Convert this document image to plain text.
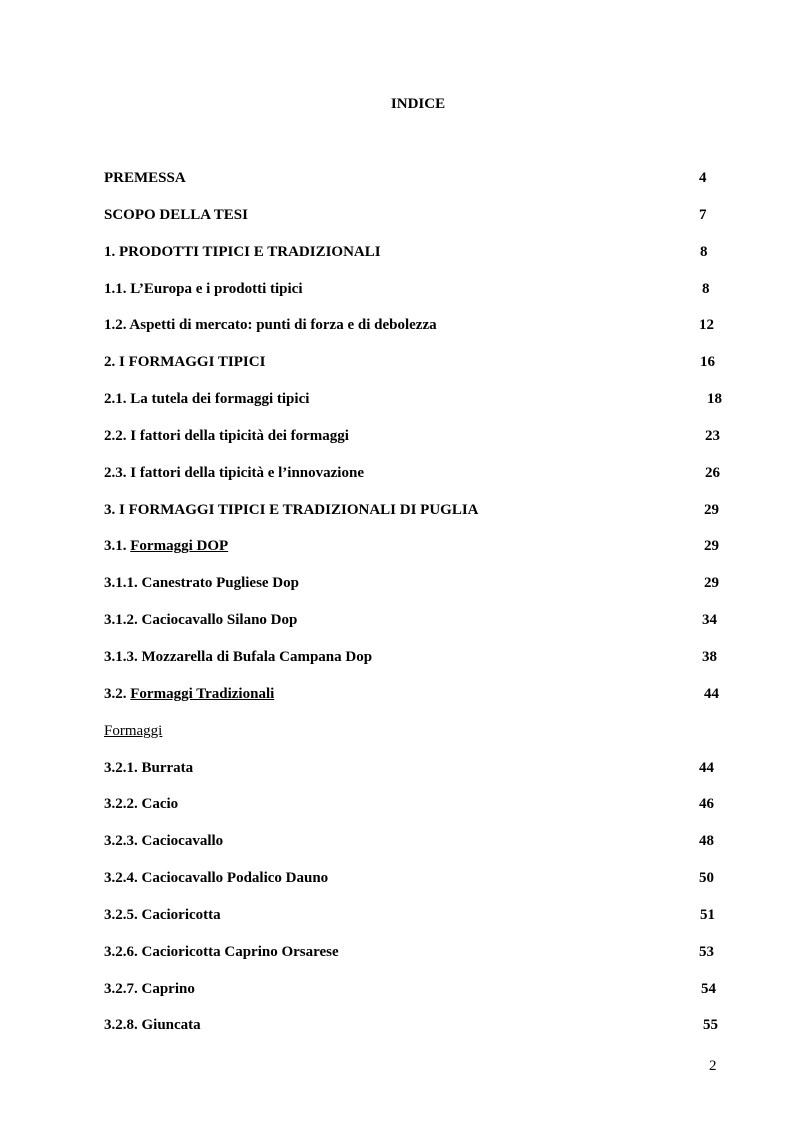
INDICE
PREMESSA	4
SCOPO DELLA TESI	7
1. PRODOTTI TIPICI E TRADIZIONALI	8
1.1. L’Europa e i prodotti tipici	8
1.2. Aspetti di mercato: punti di forza e di debolezza	12
2. I FORMAGGI TIPICI	16
2.1. La tutela dei formaggi tipici	18
2.2. I fattori della tipicità dei formaggi	23
2.3. I fattori della tipicità e l’innovazione	26
3. I FORMAGGI TIPICI E TRADIZIONALI DI PUGLIA	29
3.1. Formaggi DOP	29
3.1.1. Canestrato Pugliese Dop	29
3.1.2. Caciocavallo Silano Dop	34
3.1.3. Mozzarella di Bufala Campana Dop	38
3.2. Formaggi Tradizionali	44
Formaggi
3.2.1. Burrata	44
3.2.2. Cacio	46
3.2.3. Caciocavallo	48
3.2.4. Caciocavallo Podalico Dauno	50
3.2.5. Cacioricotta	51
3.2.6. Cacioricotta Caprino Orsarese	53
3.2.7. Caprino	54
3.2.8. Giuncata	55
2
